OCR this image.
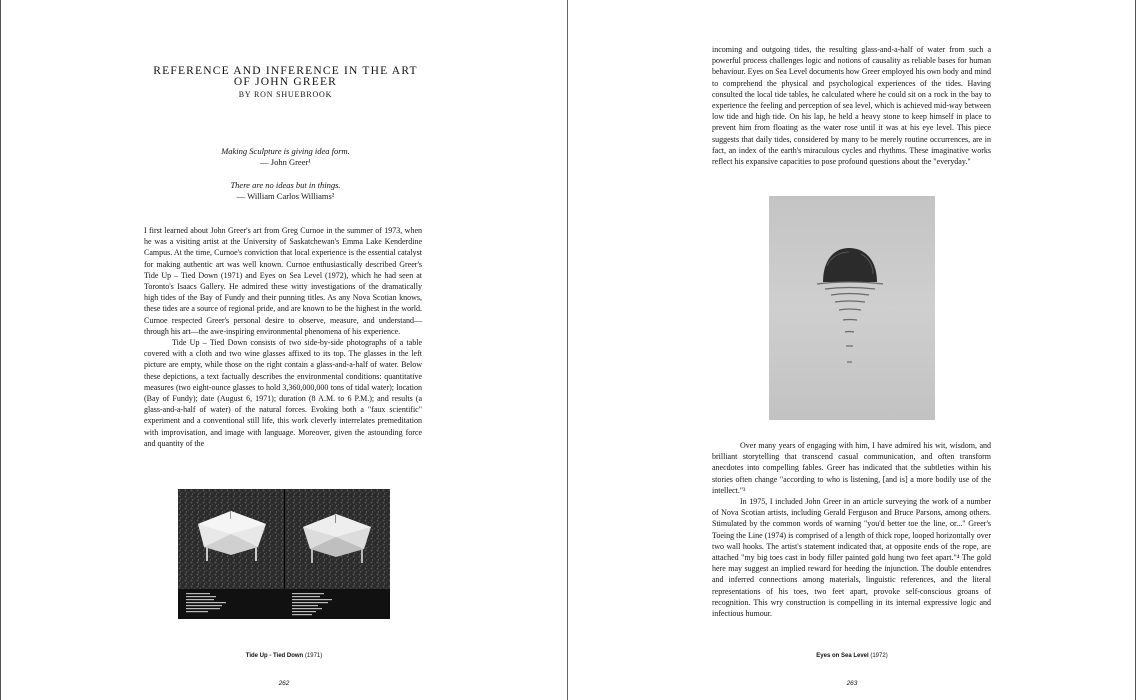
REFERENCE AND INFERENCE IN THE ART
OF JOHN GREER
BY RON SHUEBROOK
Making Sculpture is giving idea form.
— John Greer¹
There are no ideas but in things.
— William Carlos Williams²

I first learned about John Greer's art from Greg Curnoe in the summer of 1973, when he was a visiting artist at the University of Saskatchewan's Emma Lake Kenderdine Campus. At the time, Curnoe's conviction that local experience is the essential catalyst for making authentic art was well known. Curnoe enthusiastically described Greer's Tide Up – Tied Down (1971) and Eyes on Sea Level (1972), which he had seen at Toronto's Isaacs Gallery. He admired these witty investigations of the dramatically high tides of the Bay of Fundy and their punning titles. As any Nova Scotian knows, these tides are a source of regional pride, and are known to be the highest in the world. Curnoe respected Greer's personal desire to observe, measure, and understand—through his art—the awe-inspiring environmental phenomena of his experience.

Tide Up – Tied Down consists of two side-by-side photographs of a table covered with a cloth and two wine glasses affixed to its top. The glasses in the left picture are empty, while those on the right contain a glass-and-a-half of water. Below these depictions, a text factually describes the environmental conditions: quantitative measures (two eight-ounce glasses to hold 3,360,000,000 tons of tidal water); location (Bay of Fundy); date (August 6, 1971); duration (8 A.M. to 6 P.M.); and results (a glass-and-a-half of water) of the natural forces. Evoking both a "faux scientific" experiment and a conventional still life, this work cleverly interrelates premeditation with improvisation, and image with language. Moreover, given the astounding force and quantity of the

Tide Up - Tied Down (1971)
262

incoming and outgoing tides, the resulting glass-and-a-half of water from such a powerful process challenges logic and notions of causality as reliable bases for human behaviour. Eyes on Sea Level documents how Greer employed his own body and mind to comprehend the physical and psychological experiences of the tides. Having consulted the local tide tables, he calculated where he could sit on a rock in the bay to experience the feeling and perception of sea level, which is achieved mid-way between low tide and high tide. On his lap, he held a heavy stone to keep himself in place to prevent him from floating as the water rose until it was at his eye level. This piece suggests that daily tides, considered by many to be merely routine occurrences, are in fact, an index of the earth's miraculous cycles and rhythms. These imaginative works reflect his expansive capacities to pose profound questions about the "everyday."

Over many years of engaging with him, I have admired his wit, wisdom, and brilliant storytelling that transcend casual communication, and often transform anecdotes into compelling fables. Greer has indicated that the subtleties within his stories often change "according to who is listening, [and is] a more bodily use of the intellect."³

In 1975, I included John Greer in an article surveying the work of a number of Nova Scotian artists, including Gerald Ferguson and Bruce Parsons, among others. Stimulated by the common words of warning "you'd better toe the line, or..." Greer's Toeing the Line (1974) is comprised of a length of thick rope, looped horizontally over two wall hooks. The artist's statement indicated that, at opposite ends of the rope, are attached "my big toes cast in body filler painted gold hung two feet apart."⁴ The gold here may suggest an implied reward for heeding the injunction. The double entendres and inferred connections among materials, linguistic references, and the literal representations of his toes, two feet apart, provoke self-conscious groans of recognition. This wry construction is compelling in its internal expressive logic and infectious humour.

Eyes on Sea Level (1972)
263
